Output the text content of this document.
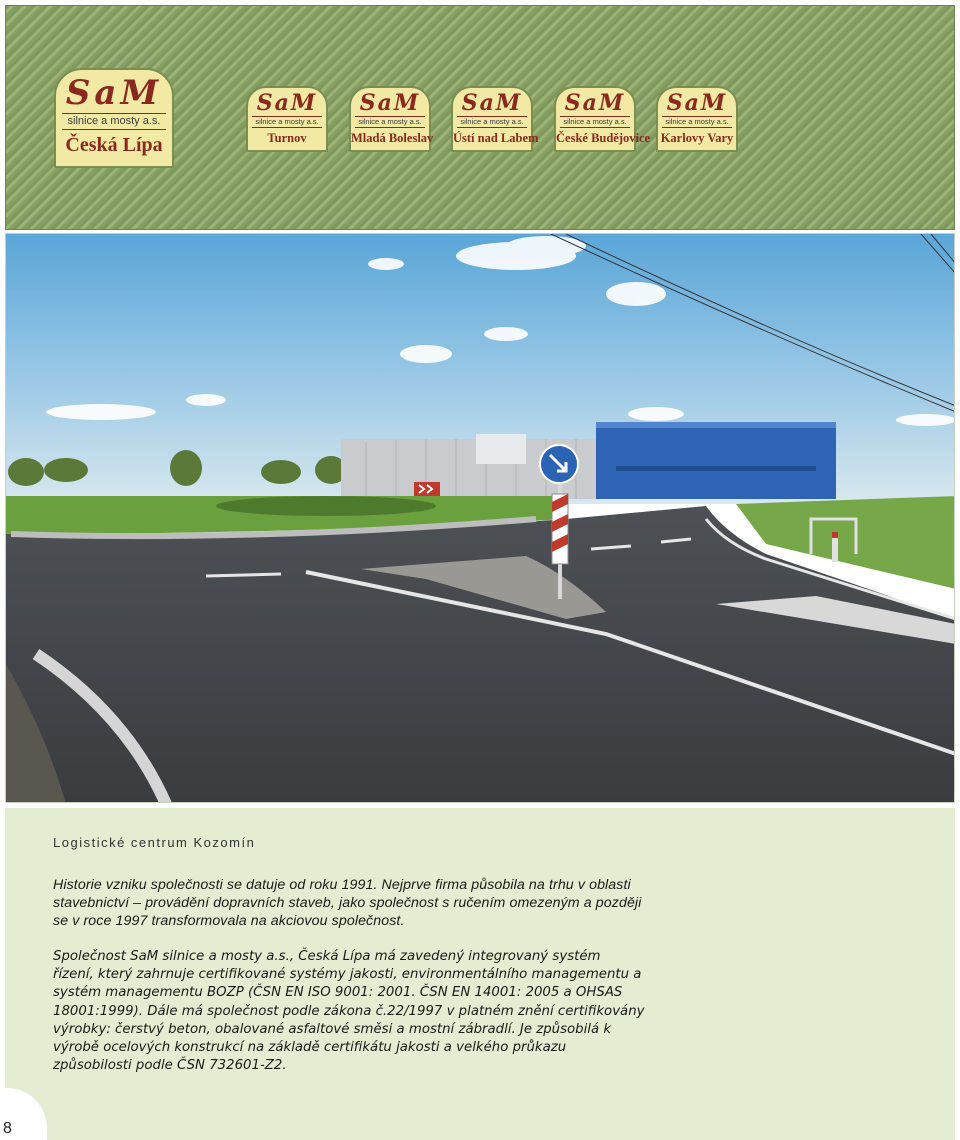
SaM
silnice a mosty a.s.
Česká Lípa
SaM
silnice a mosty a.s.
Turnov
SaM
silnice a mosty a.s.
Mladá Boleslav
SaM
silnice a mosty a.s.
Ústí nad Labem
SaM
silnice a mosty a.s.
České Budějovice
SaM
silnice a mosty a.s.
Karlovy Vary
Logistické centrum Kozomín

Historie vzniku společnosti se datuje od roku 1991. Nejprve firma působila na trhu v oblasti stavebnictví – provádění dopravních staveb, jako společnost s ručením omezeným a později se v roce 1997 transformovala na akciovou společnost.

Společnost SaM silnice a mosty a.s., Česká Lípa má zavedený integrovaný systém řízení, který zahrnuje certifikované systémy jakosti, environmentálního managementu a systém managementu BOZP (ČSN EN ISO 9001: 2001. ČSN EN 14001: 2005 a OHSAS 18001:1999). Dále má společnost podle zákona č.22/1997 v platném znění certifikovány výrobky: čerstvý beton, obalované asfaltové směsi a mostní zábradlí. Je způsobilá k výrobě ocelových konstrukcí na základě certifikátu jakosti a velkého průkazu způsobilosti podle ČSN 732601-Z2.

8
